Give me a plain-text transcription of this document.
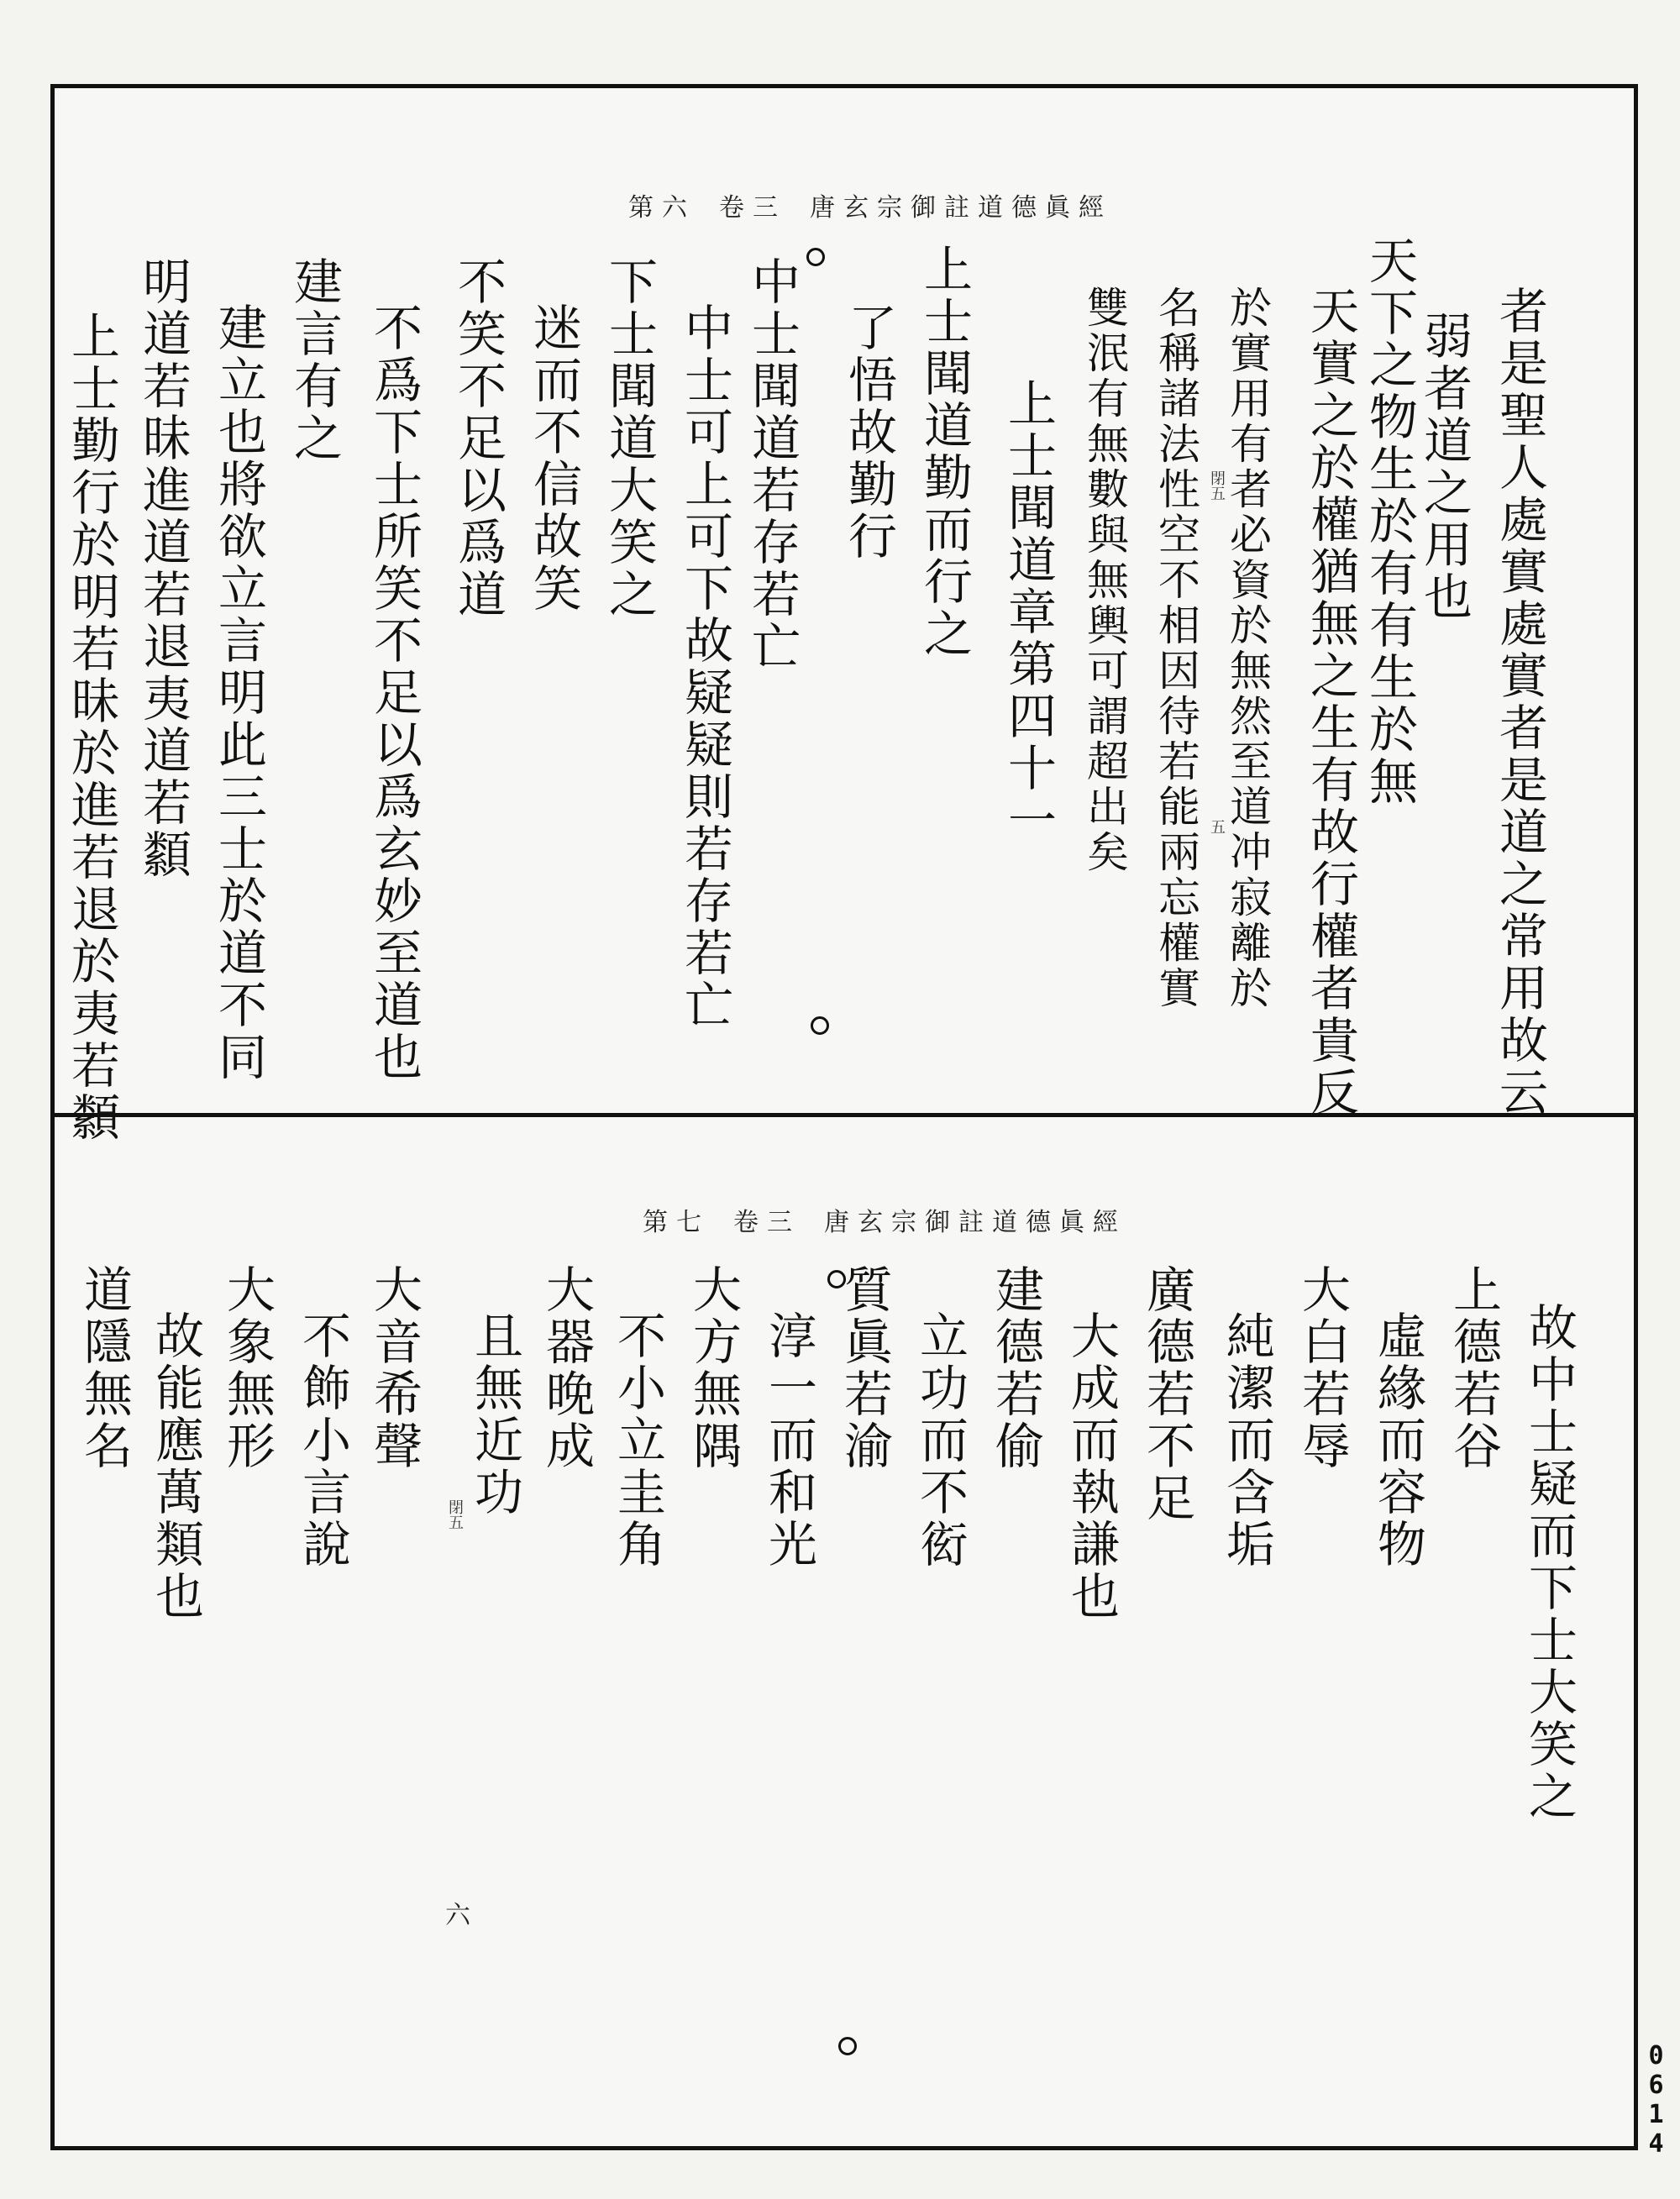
第六 卷三 唐玄宗御註道德眞經
者是聖人處實處實者是道之常用故云
弱者道之用也
天下之物生於有有生於無
天實之於權猶無之生有故行權者貴反
於實用有者必資於無然至道冲寂離於
名稱諸法性空不相因待若能兩忘權實
雙泯有無數與無輿可謂超出矣
上士聞道章第四十一
上士聞道勤而行之
了悟故勤行
中士聞道若存若亡
中士可上可下故疑疑則若存若亡
下士聞道大笑之
迷而不信故笑
不笑不足以爲道
不爲下士所笑不足以爲玄妙至道也
建言有之
建立也將欲立言明此三士於道不同
明道若昧進道若退夷道若纇
上士勤行於明若昧於進若退於夷若纇	閉五
五
第七 卷三 唐玄宗御註道德眞經
故中士疑而下士大笑之
上德若谷
虛緣而容物
大白若辱
純潔而含垢
廣德若不足
大成而執謙也
建德若偷
立功而不衒
質眞若渝
淳一而和光
大方無隅
不小立圭角
大器晚成
且無近功
大音希聲
不飾小言說
大象無形
故能應萬類也
道隱無名
閉五
六
0614
